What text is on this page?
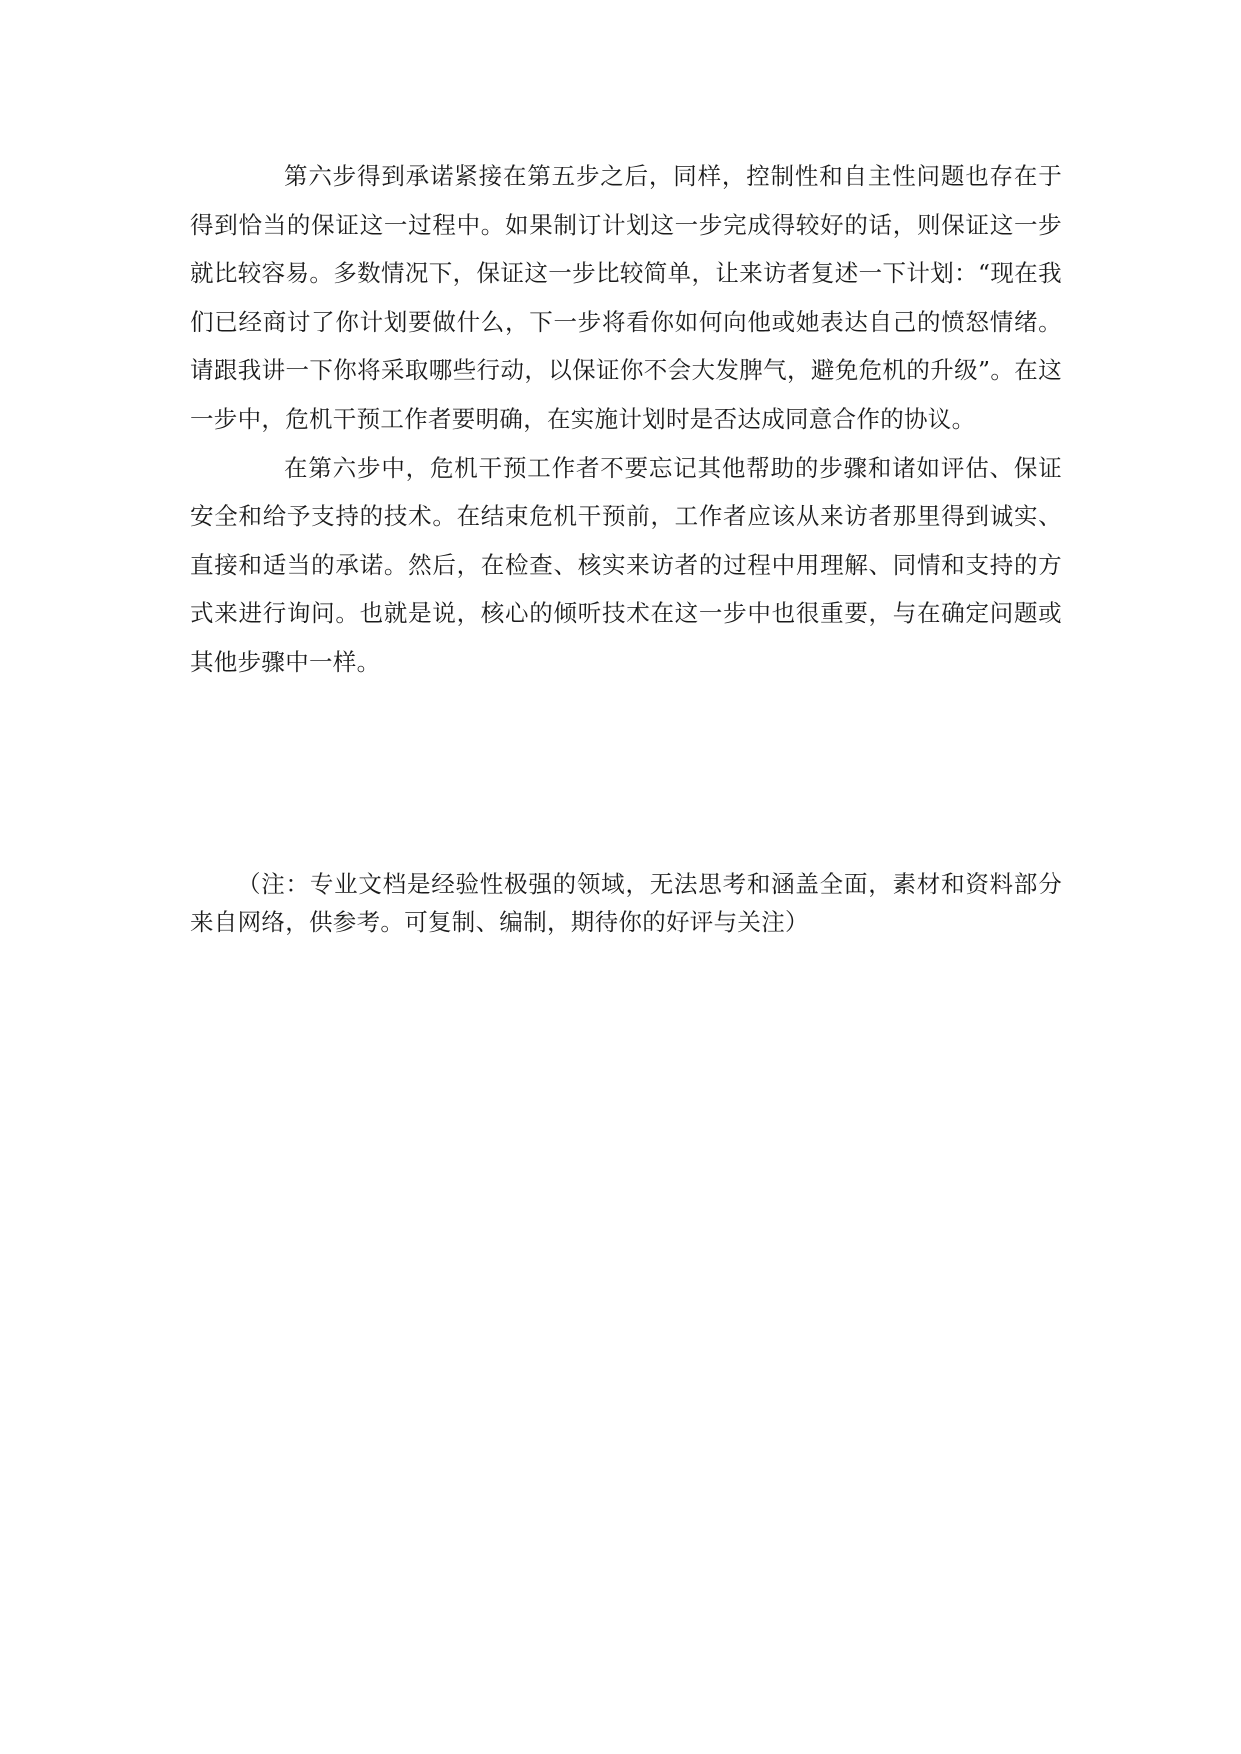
第六步得到承诺紧接在第五步之后，同样，控制性和自主性问题也存在于得到恰当的保证这一过程中。如果制订计划这一步完成得较好的话，则保证这一步就比较容易。多数情况下，保证这一步比较简单，让来访者复述一下计划：“现在我们已经商讨了你计划要做什么，下一步将看你如何向他或她表达自己的愤怒情绪。请跟我讲一下你将采取哪些行动，以保证你不会大发脾气，避免危机的升级”。在这一步中，危机干预工作者要明确，在实施计划时是否达成同意合作的协议。

在第六步中，危机干预工作者不要忘记其他帮助的步骤和诸如评估、保证安全和给予支持的技术。在结束危机干预前，工作者应该从来访者那里得到诚实、直接和适当的承诺。然后，在检查、核实来访者的过程中用理解、同情和支持的方式来进行询问。也就是说，核心的倾听技术在这一步中也很重要，与在确定问题或其他步骤中一样。

（注：专业文档是经验性极强的领域，无法思考和涵盖全面，素材和资料部分来自网络，供参考。可复制、编制，期待你的好评与关注）
